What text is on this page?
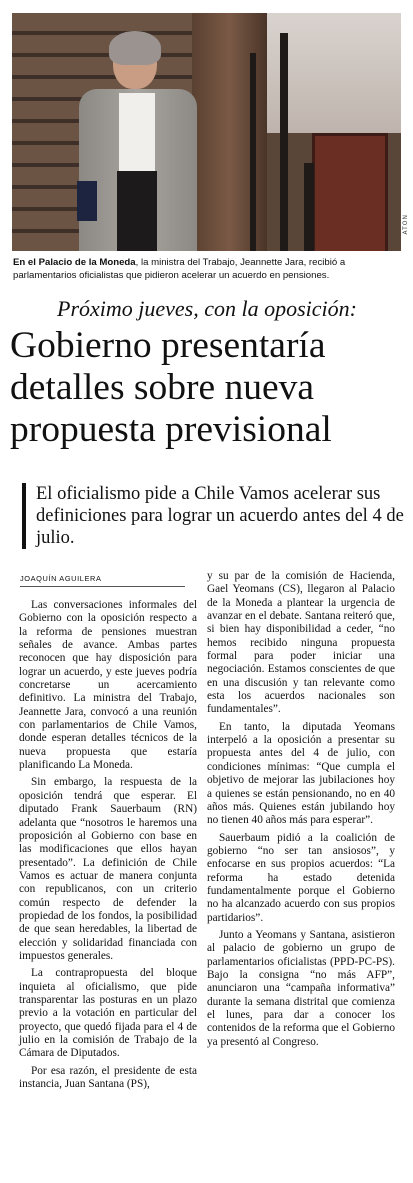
ATON
En el Palacio de la Moneda, la ministra del Trabajo, Jeannette Jara, recibió a parlamentarios oficialistas que pidieron acelerar un acuerdo en pensiones.
Próximo jueves, con la oposición:
Gobierno presentaría
detalles sobre nueva
propuesta previsional
El oficialismo pide a Chile Vamos acelerar sus definiciones para lograr un acuerdo antes del 4 de julio.
JOAQUÍN AGUILERA

Las conversaciones informales del Gobierno con la oposición respecto a la reforma de pensiones muestran señales de avance. Ambas partes reconocen que hay disposición para lograr un acuerdo, y este jueves podría concretarse un acercamiento definitivo. La ministra del Trabajo, Jeannette Jara, convocó a una reunión con parlamentarios de Chile Vamos, donde esperan detalles técnicos de la nueva propuesta que estaría planificando La Moneda.

Sin embargo, la respuesta de la oposición tendrá que esperar. El diputado Frank Sauerbaum (RN) adelanta que “nosotros le haremos una proposición al Gobierno con base en las modificaciones que ellos hayan presentado”. La definición de Chile Vamos es actuar de manera conjunta con republicanos, con un criterio común respecto de defender la propiedad de los fondos, la posibilidad de que sean heredables, la libertad de elección y solidaridad financiada con impuestos generales.

La contrapropuesta del bloque inquieta al oficialismo, que pide transparentar las posturas en un plazo previo a la votación en particular del proyecto, que quedó fijada para el 4 de julio en la comisión de Trabajo de la Cámara de Diputados.

Por esa razón, el presidente de esta instancia, Juan Santana (PS),

y su par de la comisión de Hacienda, Gael Yeomans (CS), llegaron al Palacio de la Moneda a plantear la urgencia de avanzar en el debate. Santana reiteró que, si bien hay disponibilidad a ceder, “no hemos recibido ninguna propuesta formal para poder iniciar una negociación. Estamos conscientes de que en una discusión y tan relevante como esta los acuerdos nacionales son fundamentales”.

En tanto, la diputada Yeomans interpeló a la oposición a presentar su propuesta antes del 4 de julio, con condiciones mínimas: “Que cumpla el objetivo de mejorar las jubilaciones hoy a quienes se están pensionando, no en 40 años más. Quienes están jubilando hoy no tienen 40 años más para esperar”.

Sauerbaum pidió a la coalición de gobierno “no ser tan ansiosos”, y enfocarse en sus propios acuerdos: “La reforma ha estado detenida fundamentalmente porque el Gobierno no ha alcanzado acuerdo con sus propios partidarios”.

Junto a Yeomans y Santana, asistieron al palacio de gobierno un grupo de parlamentarios oficialistas (PPD-PC-PS). Bajo la consigna “no más AFP”, anunciaron una “campaña informativa” durante la semana distrital que comienza el lunes, para dar a conocer los contenidos de la reforma que el Gobierno ya presentó al Congreso.
